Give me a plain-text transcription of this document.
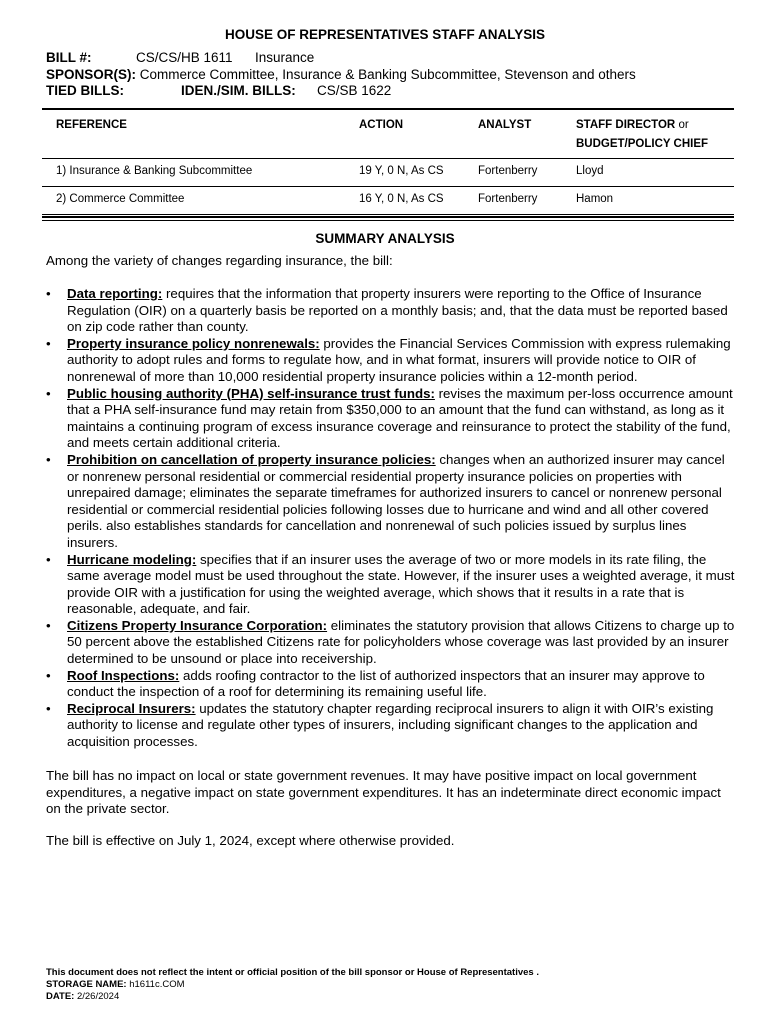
HOUSE OF REPRESENTATIVES STAFF ANALYSIS
BILL #:	CS/CS/HB 1611 Insurance
SPONSOR(S): Commerce Committee, Insurance & Banking Subcommittee, Stevenson and others
TIED BILLS:	IDEN./SIM. BILLS: CS/SB 1622
REFERENCE	ACTION	ANALYST	STAFF DIRECTOR or
BUDGET/POLICY CHIEF
1) Insurance & Banking Subcommittee	19 Y, 0 N, As CS	Fortenberry	Lloyd
2) Commerce Committee	16 Y, 0 N, As CS	Fortenberry	Hamon
SUMMARY ANALYSIS
Among the variety of changes regarding insurance, the bill:
• Data reporting: requires that the information that property insurers were reporting to the Office of Insurance Regulation (OIR) on a quarterly basis be reported on a monthly basis; and, that the data must be reported based on zip code rather than county.
• Property insurance policy nonrenewals: provides the Financial Services Commission with express rulemaking authority to adopt rules and forms to regulate how, and in what format, insurers will provide notice to OIR of nonrenewal of more than 10,000 residential property insurance policies within a 12-month period.
• Public housing authority (PHA) self-insurance trust funds: revises the maximum per-loss occurrence amount that a PHA self-insurance fund may retain from $350,000 to an amount that the fund can withstand, as long as it maintains a continuing program of excess insurance coverage and reinsurance to protect the stability of the fund, and meets certain additional criteria.
• Prohibition on cancellation of property insurance policies: changes when an authorized insurer may cancel or nonrenew personal residential or commercial residential property insurance policies on properties with unrepaired damage; eliminates the separate timeframes for authorized insurers to cancel or nonrenew personal residential or commercial residential policies following losses due to hurricane and wind and all other covered perils. also establishes standards for cancellation and nonrenewal of such policies issued by surplus lines insurers.
• Hurricane modeling: specifies that if an insurer uses the average of two or more models in its rate filing, the same average model must be used throughout the state. However, if the insurer uses a weighted average, it must provide OIR with a justification for using the weighted average, which shows that it results in a rate that is reasonable, adequate, and fair.
• Citizens Property Insurance Corporation: eliminates the statutory provision that allows Citizens to charge up to 50 percent above the established Citizens rate for policyholders whose coverage was last provided by an insurer determined to be unsound or place into receivership.
• Roof Inspections: adds roofing contractor to the list of authorized inspectors that an insurer may approve to conduct the inspection of a roof for determining its remaining useful life.
• Reciprocal Insurers: updates the statutory chapter regarding reciprocal insurers to align it with OIR’s existing authority to license and regulate other types of insurers, including significant changes to the application and acquisition processes.
The bill has no impact on local or state government revenues. It may have positive impact on local government expenditures, a negative impact on state government expenditures. It has an indeterminate direct economic impact on the private sector.
The bill is effective on July 1, 2024, except where otherwise provided.
This document does not reflect the intent or official position of the bill sponsor or House of Representatives .
STORAGE NAME: h1611c.COM
DATE: 2/26/2024
